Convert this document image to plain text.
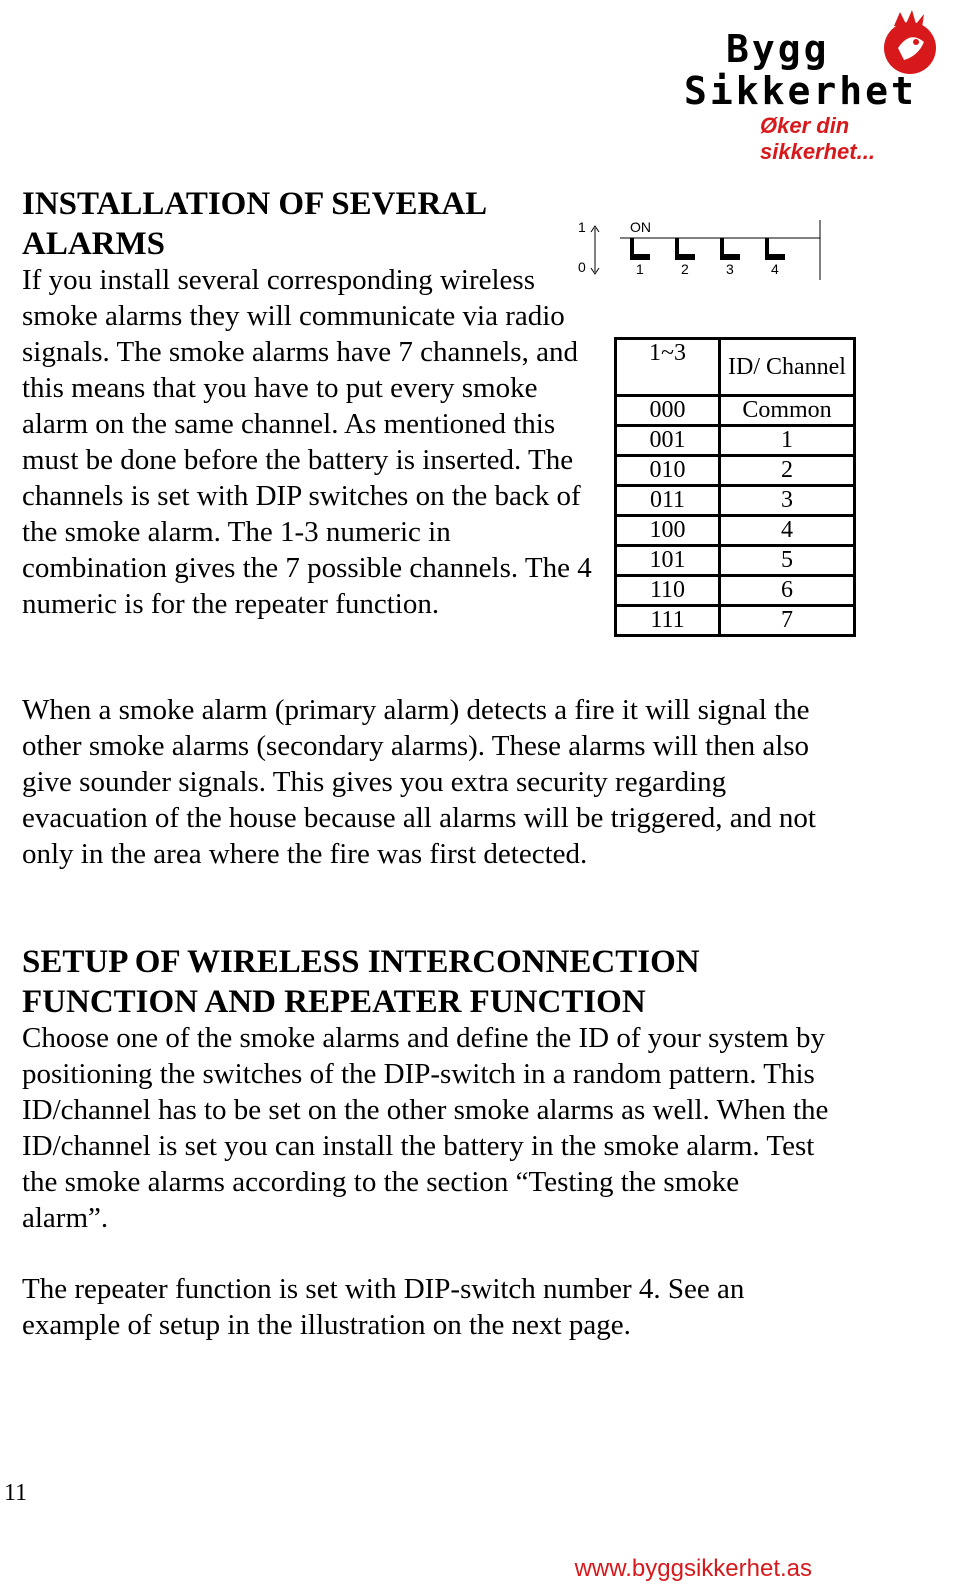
Bygg
Sikkerhet
Øker din sikkerhet...
INSTALLATION OF SEVERAL
ALARMS

If you install several corresponding wireless smoke alarms they will communicate via radio signals. The smoke alarms have 7 channels, and this means that you have to put every smoke alarm on the same channel. As mentioned this must be done before the battery is inserted. The channels is set with DIP switches on the back of the smoke alarm. The 1-3 numeric in combination gives the 7 possible channels. The 4 numeric is for the repeater function.

1
0
ON
1	2	3	4
1~3	ID/ Channel
000	Common
001	1
010	2
011	3
100	4
101	5
110	6
111	7

When a smoke alarm (primary alarm) detects a fire it will signal the other smoke alarms (secondary alarms). These alarms will then also give sounder signals. This gives you extra security regarding evacuation of the house because all alarms will be triggered, and not only in the area where the fire was first detected.

SETUP OF WIRELESS INTERCONNECTION
FUNCTION AND REPEATER FUNCTION

Choose one of the smoke alarms and define the ID of your system by positioning the switches of the DIP-switch in a random pattern. This ID/channel has to be set on the other smoke alarms as well. When the ID/channel is set you can install the battery in the smoke alarm. Test the smoke alarms according to the section “Testing the smoke alarm”.

The repeater function is set with DIP-switch number 4. See an example of setup in the illustration on the next page.

11
www.byggsikkerhet.as
